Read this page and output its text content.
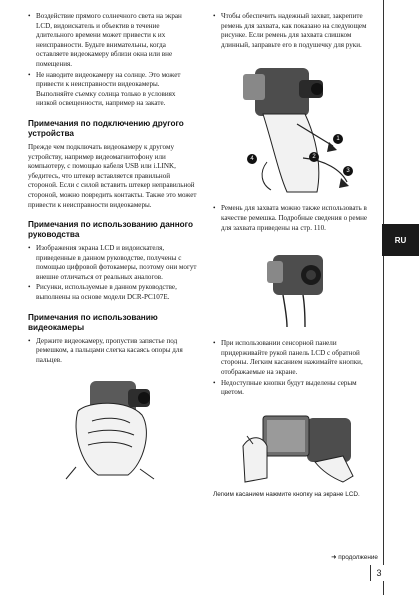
• Воздействие прямого солнечного света на экран LCD, видоискатель и объектив в течение длительного времени может привести к их неисправности. Будьте внимательны, когда оставляете видеокамеру вблизи окна или вне помещения.
• Не наводите видеокамеру на солнце. Это может привести к неисправности видеокамеры. Выполняйте съемку солнца только в условиях низкой освещенности, например на закате.
Примечания по подключению другого устройства

Прежде чем подключать видеокамеру к другому устройству, например видеомагнитофону или компьютеру, с помощью кабеля USB или i.LINK, убедитесь, что штекер вставляется правильной стороной. Если с силой вставить штекер неправильной стороной, можно повредить контакты. Также это может привести к неисправности видеокамеры.

Примечания по использованию данного руководства
• Изображения экрана LCD и видоискателя, приведенные в данном руководстве, получены с помощью цифровой фотокамеры, поэтому они могут внешне отличаться от реальных аналогов.
• Рисунки, используемые в данном руководстве, выполнены на основе модели DCR-PC107E.
Примечания по использованию видеокамеры
• Держите видеокамеру, пропустив запястье под ремешком, а пальцами слегка касаясь опоры для пальцев.
• Чтобы обеспечить надежный захват, закрепите ремень для захвата, как показано на следующем рисунке. Если ремень для захвата слишком длинный, заправьте его в подушечку для руки.
1
2
3
4
• Ремень для захвата можно также использовать в качестве ремешка. Подробные сведения о ремне для захвата приведены на стр. 110.
• При использовании сенсорной панели придерживайте рукой панель LCD с обратной стороны. Легким касанием нажимайте кнопки, отображаемые на экране.
• Недоступные кнопки будут выделены серым цветом.
Легким касанием нажмите кнопку на экране LCD.
RU
➜ продолжение
3
